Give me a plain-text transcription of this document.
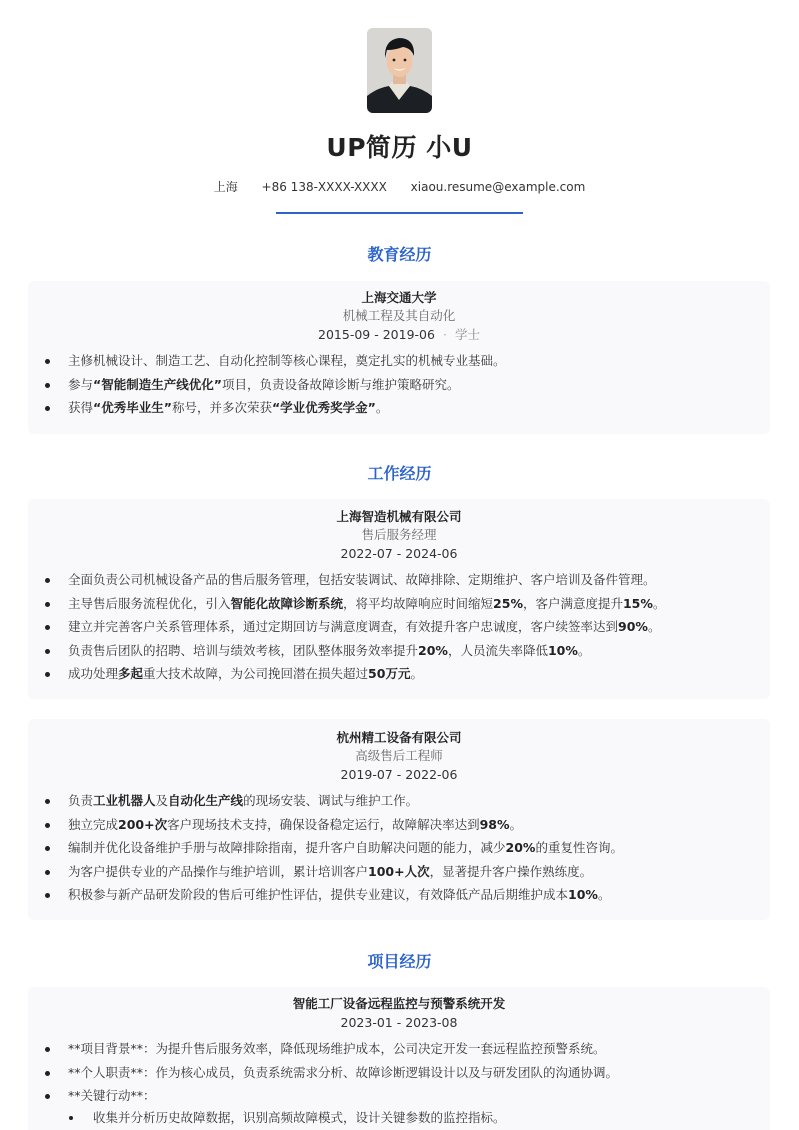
UP简历 小U
上海 +86 138-XXXX-XXXX xiaou.resume@example.com
教育经历
上海交通大学
机械工程及其自动化
2015-09 - 2019-06 · 学士
主修机械设计、制造工艺、自动化控制等核心课程，奠定扎实的机械专业基础。
参与“智能制造生产线优化”项目，负责设备故障诊断与维护策略研究。
获得“优秀毕业生”称号，并多次荣获“学业优秀奖学金”。
工作经历
上海智造机械有限公司
售后服务经理
2022-07 - 2024-06
全面负责公司机械设备产品的售后服务管理，包括安装调试、故障排除、定期维护、客户培训及备件管理。
主导售后服务流程优化，引入智能化故障诊断系统，将平均故障响应时间缩短25%，客户满意度提升15%。
建立并完善客户关系管理体系，通过定期回访与满意度调查，有效提升客户忠诚度，客户续签率达到90%。
负责售后团队的招聘、培训与绩效考核，团队整体服务效率提升20%，人员流失率降低10%。
成功处理多起重大技术故障，为公司挽回潜在损失超过50万元。
杭州精工设备有限公司
高级售后工程师
2019-07 - 2022-06
负责工业机器人及自动化生产线的现场安装、调试与维护工作。
独立完成200+次客户现场技术支持，确保设备稳定运行，故障解决率达到98%。
编制并优化设备维护手册与故障排除指南，提升客户自助解决问题的能力，减少20%的重复性咨询。
为客户提供专业的产品操作与维护培训，累计培训客户100+人次，显著提升客户操作熟练度。
积极参与新产品研发阶段的售后可维护性评估，提供专业建议，有效降低产品后期维护成本10%。
项目经历
智能工厂设备远程监控与预警系统开发
2023-01 - 2023-08
**项目背景**：为提升售后服务效率，降低现场维护成本，公司决定开发一套远程监控预警系统。
**个人职责**：作为核心成员，负责系统需求分析、故障诊断逻辑设计以及与研发团队的沟通协调。
**关键行动**：
收集并分析历史故障数据，识别高频故障模式，设计关键参数的监控指标。
